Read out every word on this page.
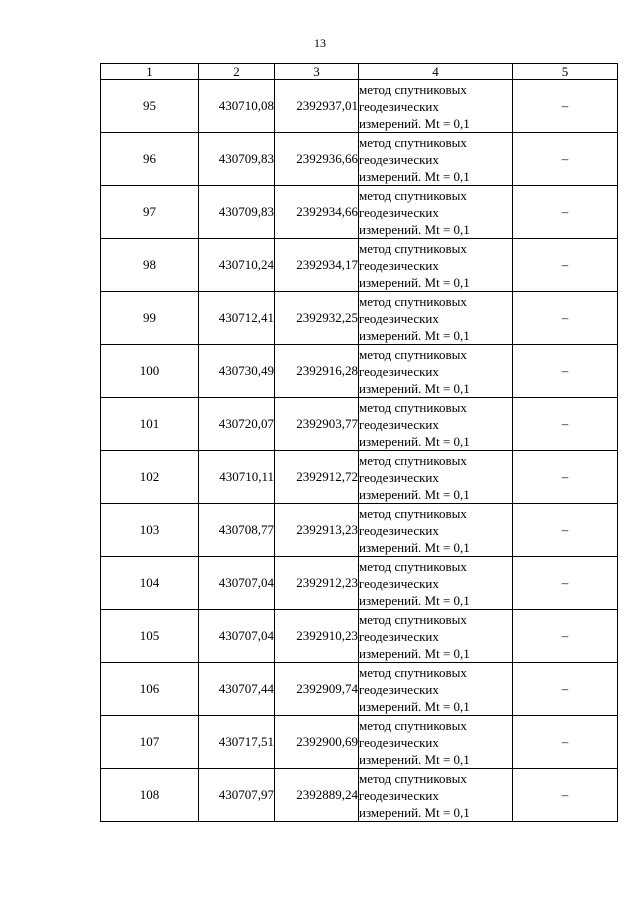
13
1	2	3	4	5
95	430710,08	2392937,01	метод спутниковых
геодезических
измерений. Mt = 0,1	–
96	430709,83	2392936,66	метод спутниковых
геодезических
измерений. Mt = 0,1	–
97	430709,83	2392934,66	метод спутниковых
геодезических
измерений. Mt = 0,1	–
98	430710,24	2392934,17	метод спутниковых
геодезических
измерений. Mt = 0,1	–
99	430712,41	2392932,25	метод спутниковых
геодезических
измерений. Mt = 0,1	–
100	430730,49	2392916,28	метод спутниковых
геодезических
измерений. Mt = 0,1	–
101	430720,07	2392903,77	метод спутниковых
геодезических
измерений. Mt = 0,1	–
102	430710,11	2392912,72	метод спутниковых
геодезических
измерений. Mt = 0,1	–
103	430708,77	2392913,23	метод спутниковых
геодезических
измерений. Mt = 0,1	–
104	430707,04	2392912,23	метод спутниковых
геодезических
измерений. Mt = 0,1	–
105	430707,04	2392910,23	метод спутниковых
геодезических
измерений. Mt = 0,1	–
106	430707,44	2392909,74	метод спутниковых
геодезических
измерений. Mt = 0,1	–
107	430717,51	2392900,69	метод спутниковых
геодезических
измерений. Mt = 0,1	–
108	430707,97	2392889,24	метод спутниковых
геодезических
измерений. Mt = 0,1	–
